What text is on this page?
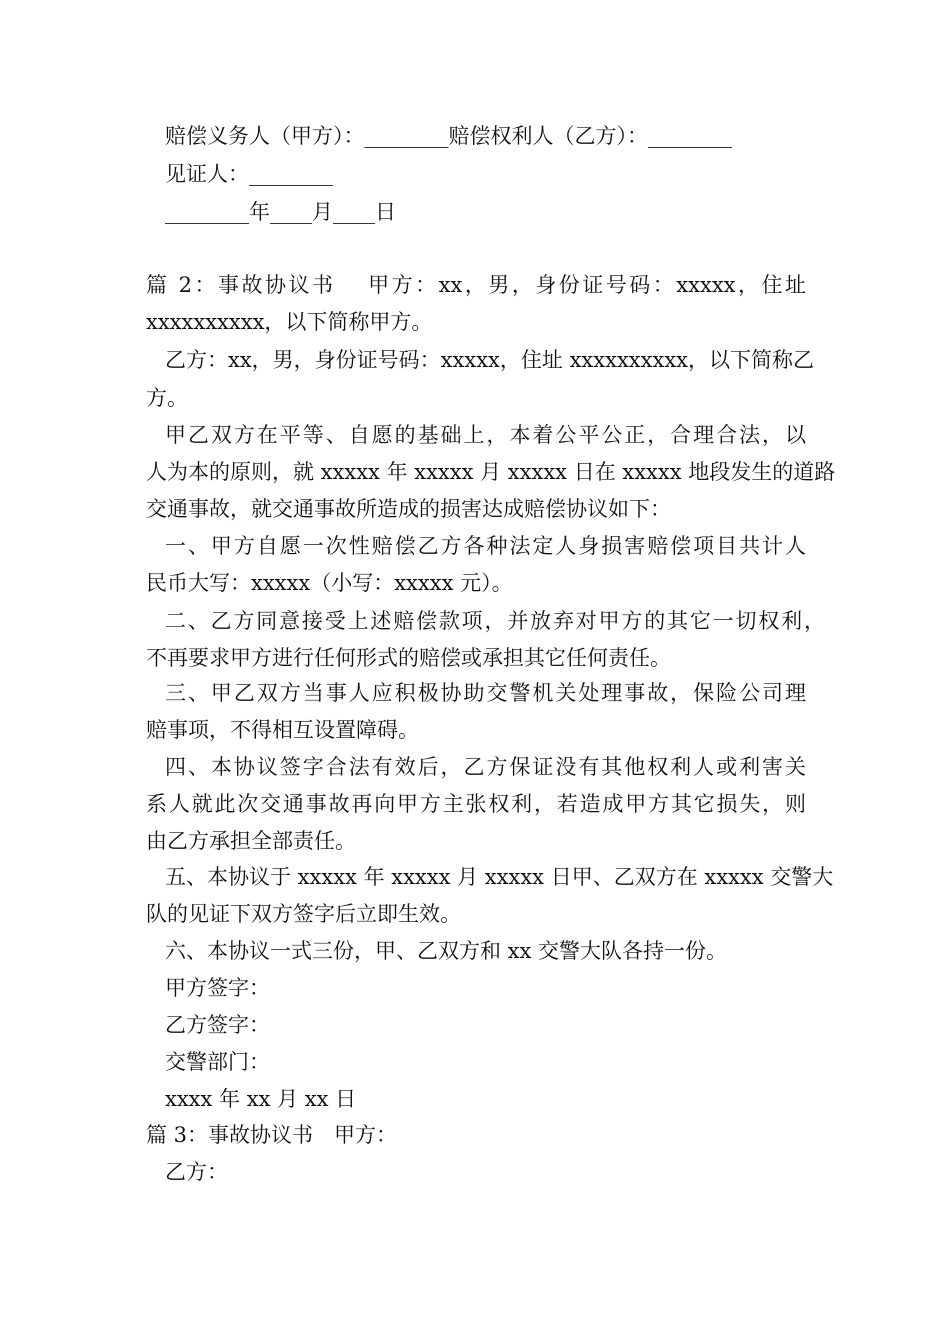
赔偿义务人（甲方）：________赔偿权利人（乙方）：________
见证人：________
________年____月____日
篇 2：事故协议书　 甲方：xx，男，身份证号码：xxxxx，住址
xxxxxxxxxx，以下简称甲方。
乙方：xx，男，身份证号码：xxxxx，住址 xxxxxxxxxx，以下简称乙
方。
甲乙双方在平等、自愿的基础上，本着公平公正，合理合法，以
人为本的原则，就 xxxxx 年 xxxxx 月 xxxxx 日在 xxxxx 地段发生的道路
交通事故，就交通事故所造成的损害达成赔偿协议如下：
一、甲方自愿一次性赔偿乙方各种法定人身损害赔偿项目共计人
民币大写：xxxxx（小写：xxxxx 元）。
二、乙方同意接受上述赔偿款项，并放弃对甲方的其它一切权利，
不再要求甲方进行任何形式的赔偿或承担其它任何责任。
三、甲乙双方当事人应积极协助交警机关处理事故，保险公司理
赔事项，不得相互设置障碍。
四、本协议签字合法有效后，乙方保证没有其他权利人或利害关
系人就此次交通事故再向甲方主张权利，若造成甲方其它损失，则
由乙方承担全部责任。
五、本协议于 xxxxx 年 xxxxx 月 xxxxx 日甲、乙双方在 xxxxx 交警大
队的见证下双方签字后立即生效。
六、本协议一式三份，甲、乙双方和 xx 交警大队各持一份。
甲方签字：
乙方签字：
交警部门：
xxxx 年 xx 月 xx 日
篇 3：事故协议书　甲方：
乙方：
